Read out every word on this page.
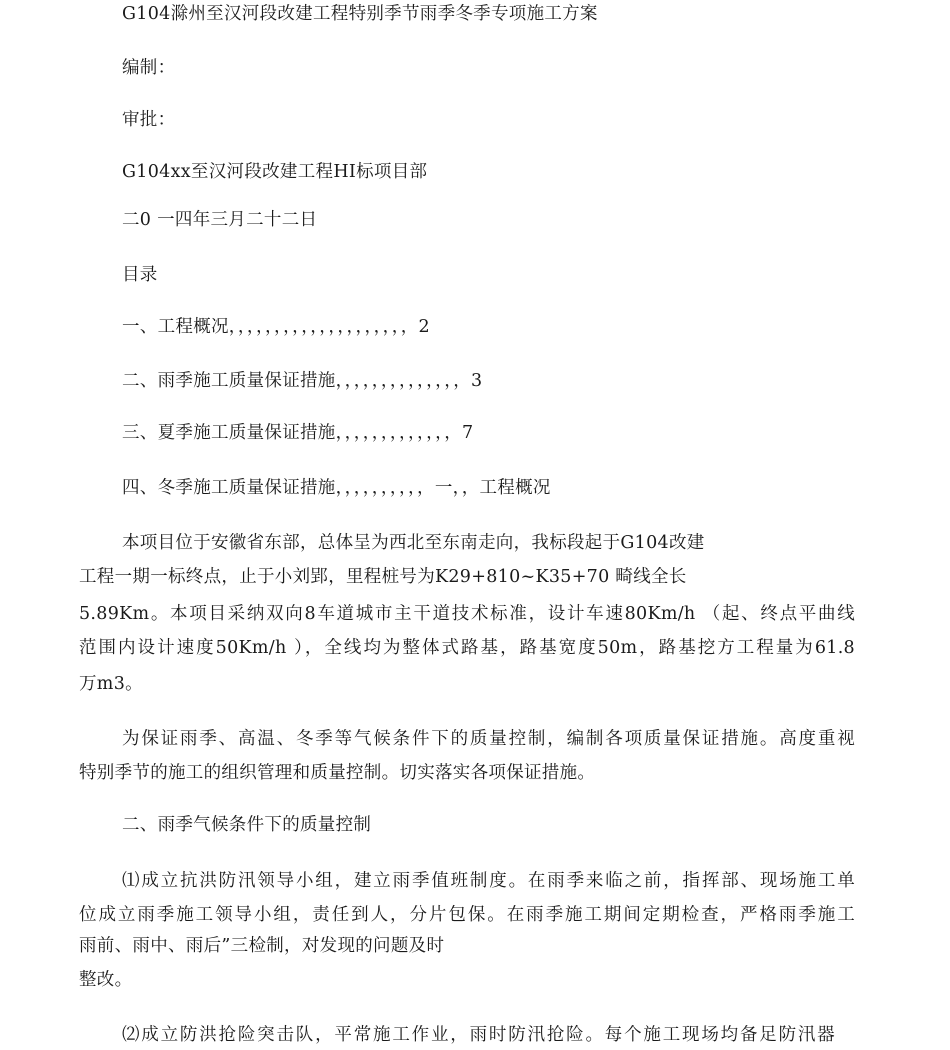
G104滁州至汉河段改建工程特别季节雨季冬季专项施工方案
编制：
审批：
G104xx至汉河段改建工程HI标项目部
二0 一四年三月二十二日
目录
一、工程概况，，，，，，，，，，，，，，，，，，，，2
二、雨季施工质量保证措施，，，，，，，，，，，，，，3
三、夏季施工质量保证措施，，，，，，，，，，，，，7
四、冬季施工质量保证措施，，，，，，，，，，一，，工程概况
本项目位于安徽省东部，总体呈为西北至东南走向，我标段起于G104改建
工程一期一标终点，止于小刘郢，里程桩号为K29+810~K35+70 畸线全长
5.89Km。本项目采纳双向8车道城市主干道技术标准，设计车速80Km/h （起、终点平曲线
范围内设计速度50Km/h ），全线均为整体式路基，路基宽度50m，路基挖方工程量为61.8
万m3。
为保证雨季、高温、冬季等气候条件下的质量控制，编制各项质量保证措施。高度重视
特别季节的施工的组织管理和质量控制。切实落实各项保证措施。
二、雨季气候条件下的质量控制
⑴成立抗洪防汛领导小组，建立雨季值班制度。在雨季来临之前，指挥部、现场施工单
位成立雨季施工领导小组，责任到人，分片包保。在雨季施工期间定期检查，严格雨季施工
雨前、雨中、雨后”三检制，对发现的问题及时
整改。
⑵成立防洪抢险突击队，平常施工作业，雨时防汛抢险。每个施工现场均备足防汛器
